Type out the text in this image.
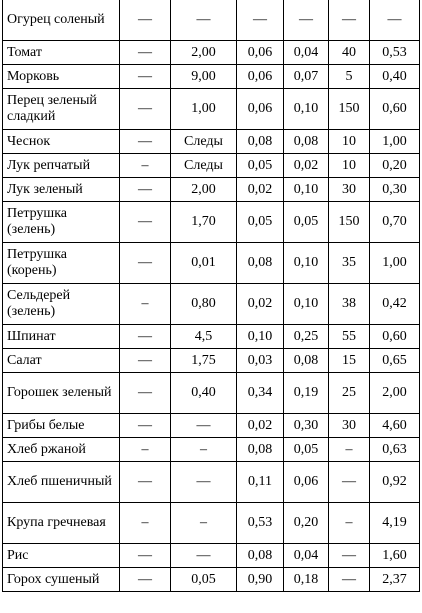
Огурец соленый	—	—	—	—	—	—
Томат	—	2,00	0,06	0,04	40	0,53
Морковь	—	9,00	0,06	0,07	5	0,40
Перец зеленый сладкий	—	1,00	0,06	0,10	150	0,60
Чеснок	—	Следы	0,08	0,08	10	1,00
Лук репчатый	–	Следы	0,05	0,02	10	0,20
Лук зеленый	—	2,00	0,02	0,10	30	0,30
Петрушка (зелень)	—	1,70	0,05	0,05	150	0,70
Петрушка (корень)	—	0,01	0,08	0,10	35	1,00
Сельдерей (зелень)	–	0,80	0,02	0,10	38	0,42
Шпинат	—	4,5	0,10	0,25	55	0,60
Салат	—	1,75	0,03	0,08	15	0,65
Горошек зеленый	—	0,40	0,34	0,19	25	2,00
Грибы белые	—	—	0,02	0,30	30	4,60
Хлеб ржаной	–	–	0,08	0,05	–	0,63
Хлеб пшеничный	—	—	0,11	0,06	—	0,92
Крупа гречневая	–	–	0,53	0,20	–	4,19
Рис	—	—	0,08	0,04	—	1,60
Горох сушеный	—	0,05	0,90	0,18	—	2,37
